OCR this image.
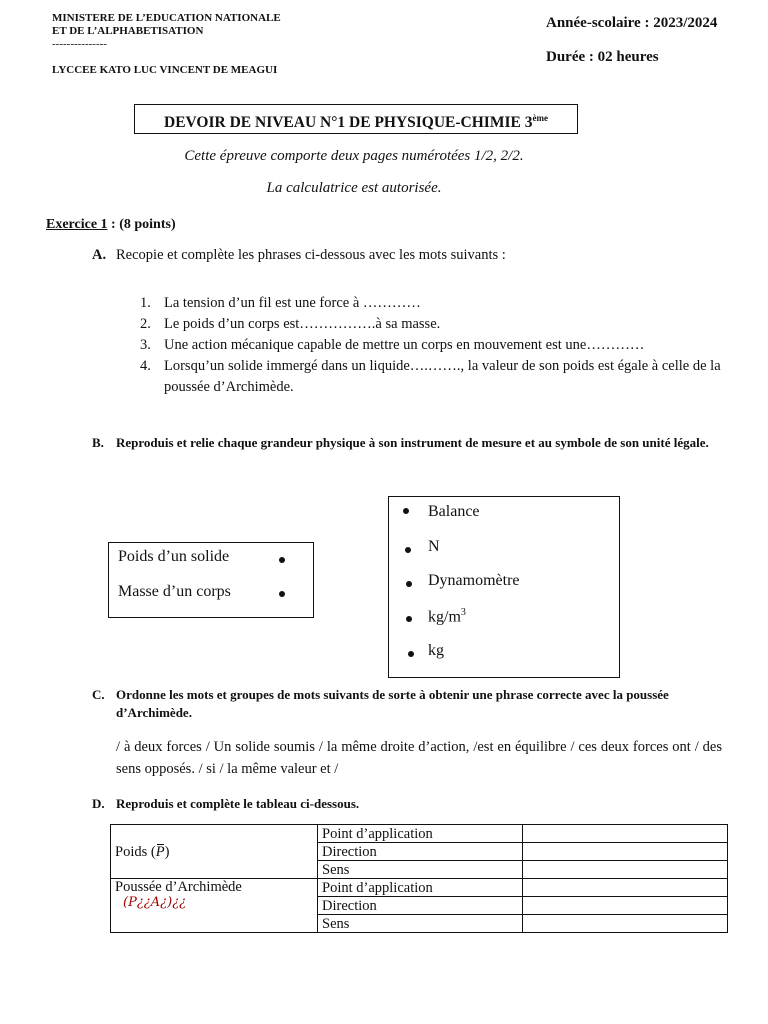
MINISTERE DE L’EDUCATION NATIONALE
ET DE L’ALPHABETISATION
---------------
LYCCEE KATO LUC VINCENT DE MEAGUI
Année-scolaire : 2023/2024
Durée : 02 heures
DEVOIR DE NIVEAU N°1 DE PHYSIQUE-CHIMIE 3ème
Cette épreuve comporte deux pages numérotées 1/2, 2/2.
La calculatrice est autorisée.
Exercice 1 : (8 points)
A. Recopie et complète les phrases ci-dessous avec les mots suivants :
1. La tension d’un fil est une force à …………
2. Le poids d’un corps est…………….à sa masse.
3. Une action mécanique capable de mettre un corps en mouvement est une…………
4. Lorsqu’un solide immergé dans un liquide….……., la valeur de son poids est égale à celle de la poussée d’Archimède.
B. Reproduis et relie chaque grandeur physique à son instrument de mesure et au symbole de son unité légale.
Poids d’un solide
Masse d’un corps
Balance
N
Dynamomètre
$kg/m^3$
kg
C. Ordonne les mots et groupes de mots suivants de sorte à obtenir une phrase correcte avec la poussée d’Archimède.
/ à deux forces / Un solide soumis / la même droite d’action, /est en équilibre / ces deux forces ont / des sens opposés. / si / la même valeur et /
D. Reproduis et complète le tableau ci-dessous.
Poids (P)	Point d’application	
	Direction	
	Sens	
Poussée d’Archimède
(P¿¿A¿)¿¿	Point d’application	
	Direction	
	Sens	
